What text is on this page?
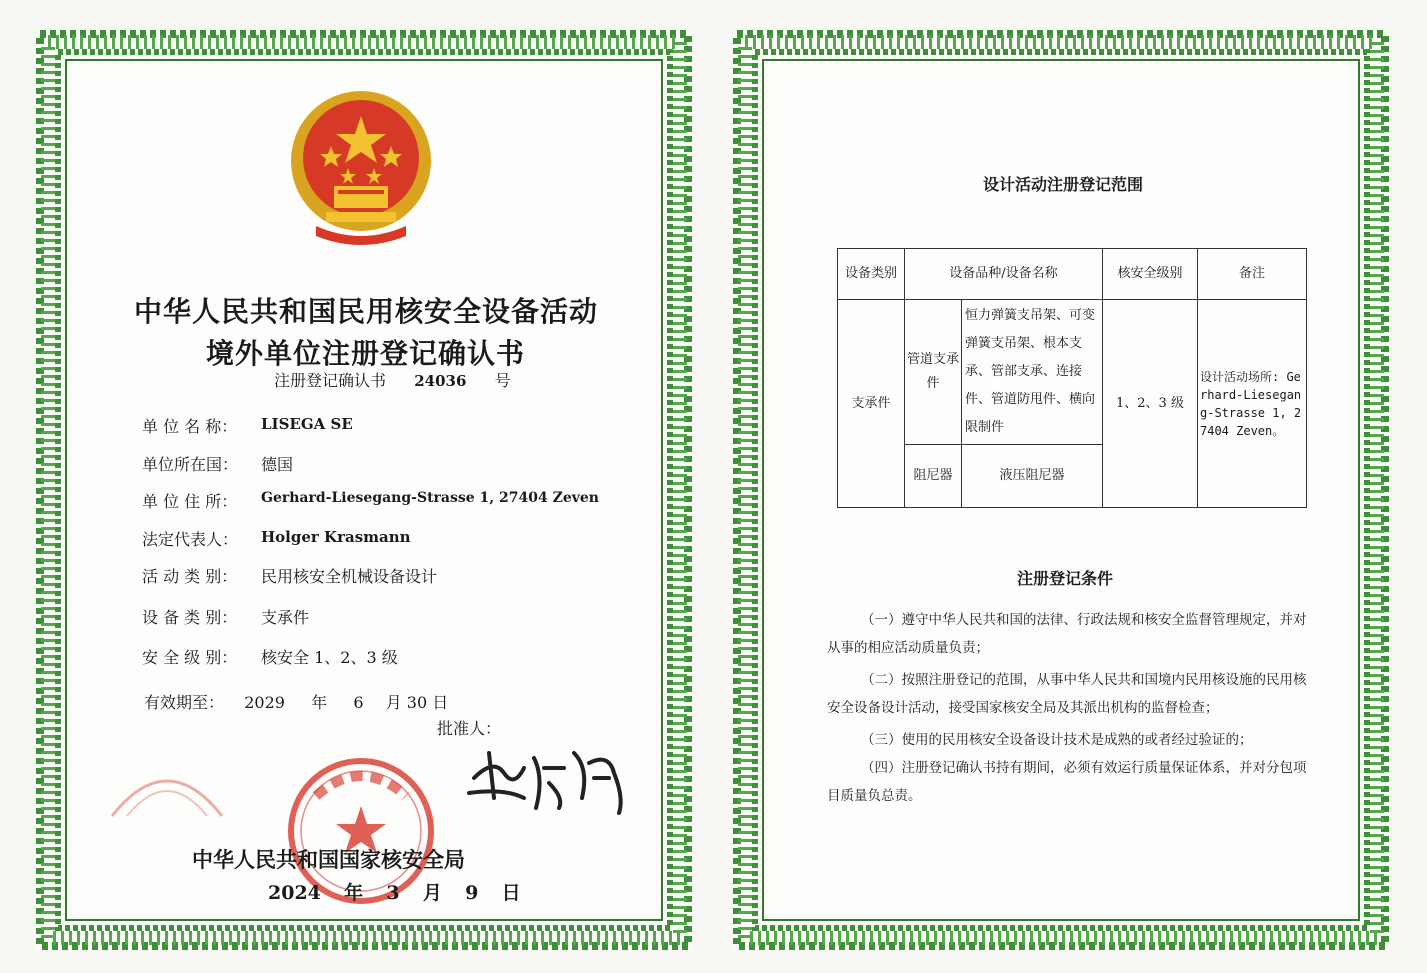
中华人民共和国民用核安全设备活动
境外单位注册登记确认书
注册登记确认书 24036 号
单 位 名 称： LISEGA SE
单位所在国： 德国
单 位 住 所： Gerhard-Liesegang-Strasse 1, 27404 Zeven
法定代表人： Holger Krasmann
活 动 类 别： 民用核安全机械设备设计
设 备 类 别： 支承件
安 全 级 别： 核安全 1、2、3 级
有效期至： 2029 年 6 月 30 日
批准人：
中华人民共和国国家核安全局
2024 年 3 月 9 日
设计活动注册登记范围
设备类别	设备品种/设备名称		核安全级别	备注
支承件	管道支承件	恒力弹簧支吊架、可变弹簧支吊架、根本支承、管部支承、连接件、管道防甩件、横向限制件	1、2、3 级	设计活动场所: Gerhard-Liesegang-Strasse 1, 27404 Zeven。
	阻尼器	液压阻尼器		
注册登记条件
（一）遵守中华人民共和国的法律、行政法规和核安全监督管理规定，并对从事的相应活动质量负责；
（二）按照注册登记的范围，从事中华人民共和国境内民用核设施的民用核安全设备设计活动，接受国家核安全局及其派出机构的监督检查；
（三）使用的民用核安全设备设计技术是成熟的或者经过验证的；
（四）注册登记确认书持有期间，必须有效运行质量保证体系，并对分包项目质量负总责。
